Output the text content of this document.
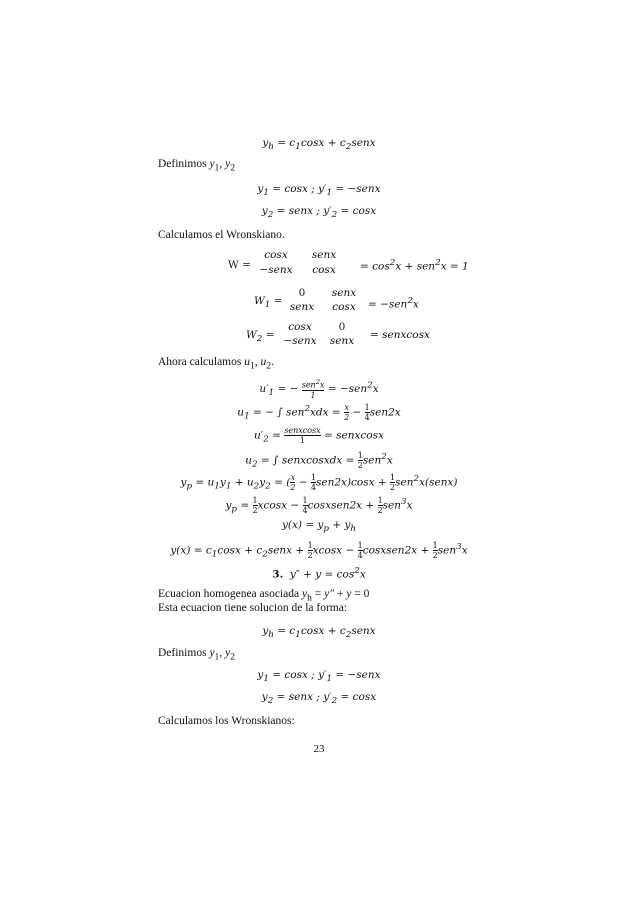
$y_h = c_1\cos x$ + $c_2senx$
Definimos $y_1$, $y_2$
$y_1 = \cos x$ ; $y'_1$ = −senx
$y_2$ = senx ; $y'_2 = \cos x$
Calculamos el Wronskiano.
W =
cosx	senx
−senx	cosx	= $\cos^2x + sen^2x = 1$
$W_1$ =
0	senx
senx	cosx	= −sen$^2$x
$W_2$ =
cosx	0
−senx	senx	= senxcosx
Ahora calculamos $u_1$, $u_2$.
$u'_1$ = − sen$^2$x
1
= −sen$^2$x
$u_1$ = − ∫ $sen^2xdx = \frac{x}{2} - \frac{1}{4} sen2x$
$u'_2$ = senxcosx
1	= senxcosx
$u_2$ = ∫ senxcosxdx = $\frac{1}{2} sen^2x$
$y_p = u_1y_1 + u_2y_2$ = ( $\frac{x}{2} - \frac{1}{4} sen2x)\cos x + \frac{1}{2}$ sen$^2$x(senx)
$y_p = \frac{1}{2}$ $xcosx - \frac{1}{4}$ cosxsen2x + $\frac{1}{2} sen^3x$
$y(x) = y_p + y_h$
$y(x) = c_1\cos x$ + $c_2senx + \frac{1}{2}$ $xcosx - \frac{1}{4}$ cosxsen2x + $\frac{1}{2} sen^3x$
3.  $y'' + y = \cos^2x$
Ecuacion homogenea asociada $y_h = y'' + y = 0$
Esta ecuacion tiene solucion de la forma:
$y_h = c_1\cos x$ + $c_2senx$
Definimos $y_1$, $y_2$
$y_1 = \cos x$ ; $y'_1$ = −senx
$y_2$ = senx ; $y'_2 = \cos x$
Calculamos los Wronskianos:
23
